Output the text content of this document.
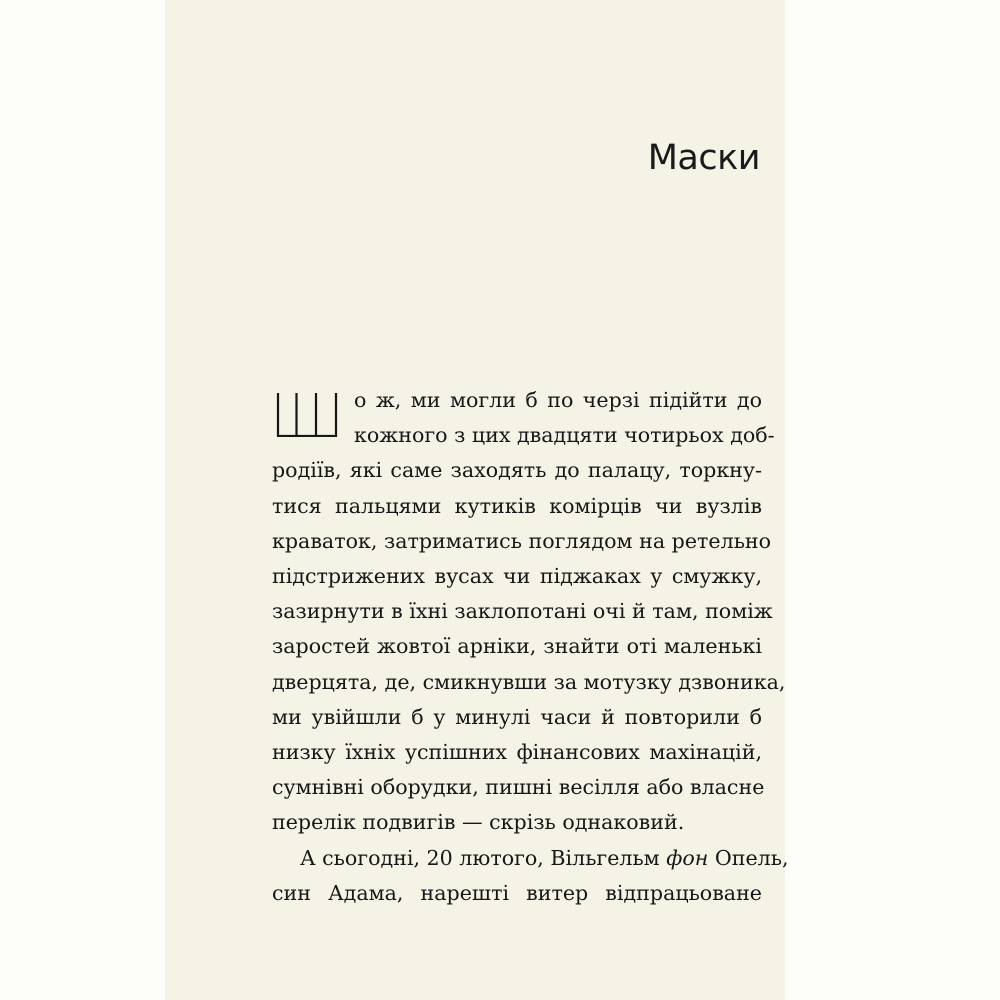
Маски
о ж, ми могли б по черзі підійти до
кожного з цих двадцяти чотирьох доб-
родіїв, які саме заходять до палацу, торкну-
тися пальцями кутиків комірців чи вузлів
краваток, затриматись поглядом на ретельно
підстрижених вусах чи піджаках у смужку,
зазирнути в їхні заклопотані очі й там, поміж
заростей жовтої арніки, знайти оті маленькі
дверцята, де, смикнувши за мотузку дзвоника,
ми увійшли б у минулі часи й повторили б
низку їхніх успішних фінансових махінацій,
сумнівні оборудки, пишні весілля або власне
перелік подвигів — скрізь однаковий.
А сьогодні, 20 лютого, Вільгельм фон Опель,
син Адама, нарешті витер відпрацьоване
